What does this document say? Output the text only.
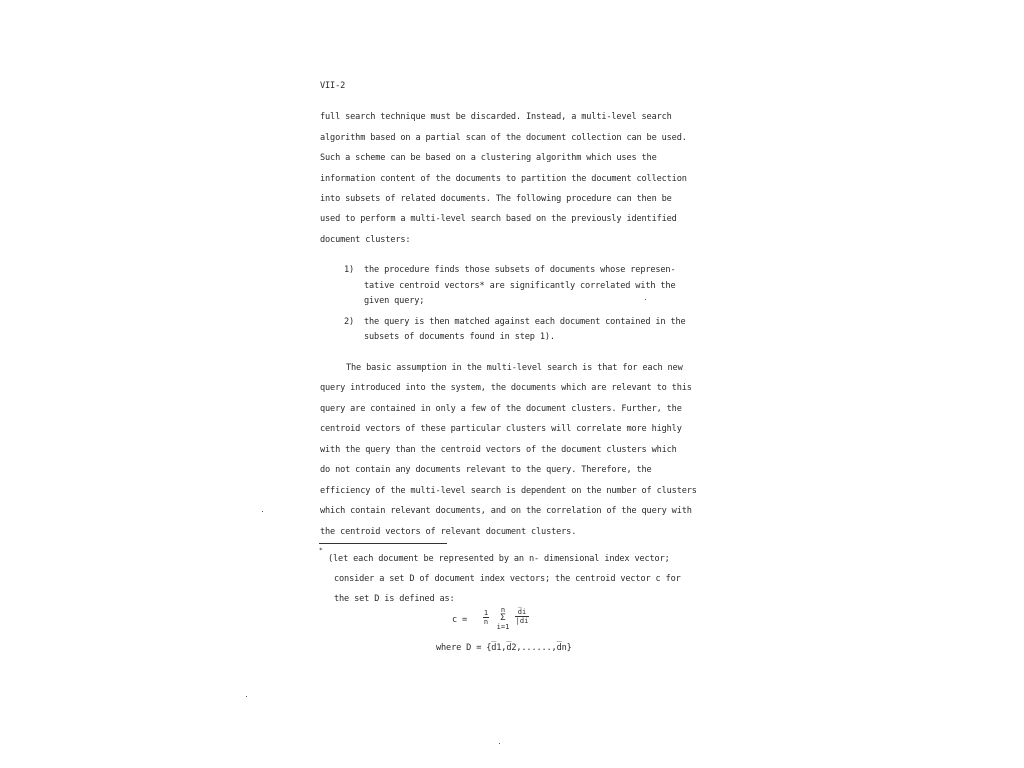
VII-2
full search technique must be discarded. Instead, a multi-level search
algorithm based on a partial scan of the document collection can be used.
Such a scheme can be based on a clustering algorithm which uses the
information content of the documents to partition the document collection
into subsets of related documents. The following procedure can then be
used to perform a multi-level search based on the previously identified
document clusters:
1) the procedure finds those subsets of documents whose represen-
tative centroid vectors* are significantly correlated with the
given query;
2) the query is then matched against each document contained in the
subsets of documents found in step 1).
The basic assumption in the multi-level search is that for each new
query introduced into the system, the documents which are relevant to this
query are contained in only a few of the document clusters. Further, the
centroid vectors of these particular clusters will correlate more highly
with the query than the centroid vectors of the document clusters which
do not contain any documents relevant to the query. Therefore, the
efficiency of the multi-level search is dependent on the number of clusters
which contain relevant documents, and on the correlation of the query with
the centroid vectors of relevant document clusters.
*
(let each document be represented by an n- dimensional index vector;
consider a set D of document index vectors; the centroid vector c for
the set D is defined as:
c =
1
n
n
Σ
i=1
d̅i
|di
where D = {d̅1,d̅2,......,d̅n}
